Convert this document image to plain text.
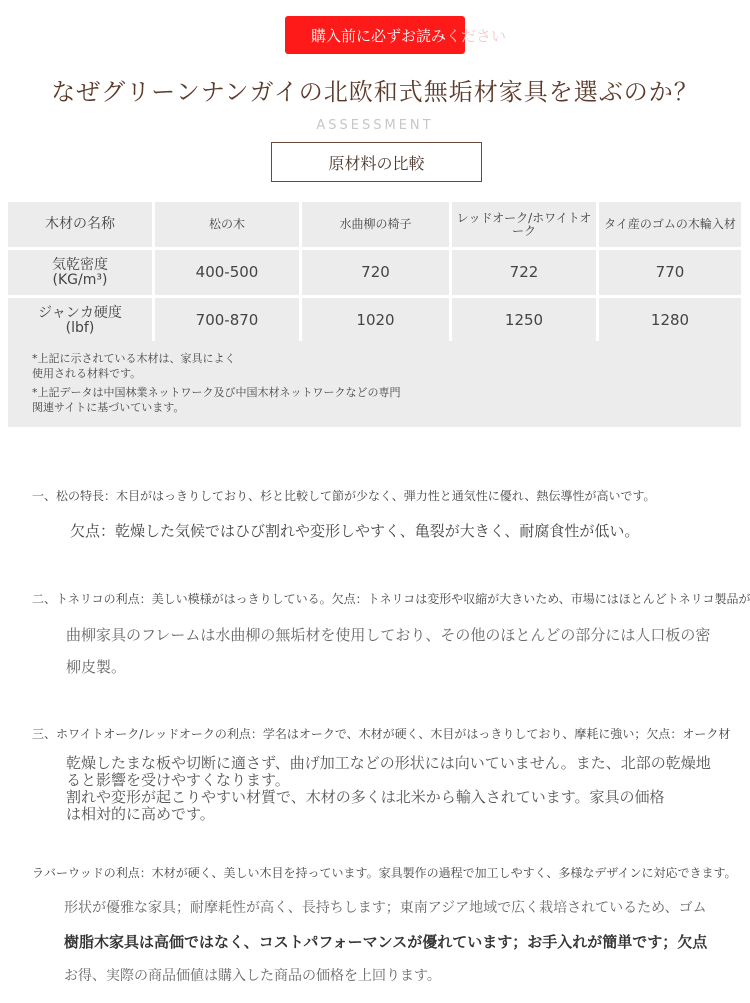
購入前に必ずお読み ください
なぜグリーンナンガイの北欧和式無垢材家具を選ぶのか？
ASSESSMENT
原材料の比較
木材の名称	松の木	水曲柳の椅子	レッドオーク/ホワイトオーク	タイ産のゴムの木輪入材
気乾密度
(KG/m³)	400-500	720	722	770
ジャンカ硬度
(lbf)	700-870	1020	1250	1280

*上記に示されている木材は、家具によく
使用される材料です。

*上記データは中国林業ネットワーク及び中国木材ネットワークなどの専門
関連サイトに基づいています。

一、松の特長：木目がはっきりしており、杉と比較して節が少なく、弾力性と通気性に優れ、熱伝導性が高いです。
欠点：乾燥した気候ではひび割れや変形しやすく、亀裂が大きく、耐腐食性が低い。
二、トネリコの利点：美しい模様がはっきりしている。欠点：トネリコは変形や収縮が大きいため、市場にはほとんどトネリコ製品が
曲柳家具のフレームは水曲柳の無垢材を使用しており、その他のほとんどの部分には人口板の密
柳皮製。
三、ホワイトオーク/レッドオークの利点：学名はオークで、木材が硬く、木目がはっきりしており、摩耗に強い；欠点：オーク材
乾燥したまな板や切断に適さず、曲げ加工などの形状には向いていません。また、北部の乾燥地
ると影響を受けやすくなります。
割れや変形が起こりやすい材質で、木材の多くは北米から輸入されています。家具の価格
は相対的に高めです。
ラバーウッドの利点：木材が硬く、美しい木目を持っています。家具製作の過程で加工しやすく、多様なデザインに対応できます。
形状が優雅な家具；耐摩耗性が高く、長持ちします；東南アジア地域で広く栽培されているため、ゴム
樹脂木家具は高価ではなく、コストパフォーマンスが優れています；お手入れが簡単です；欠点
お得、実際の商品価値は購入した商品の価格を上回ります。
